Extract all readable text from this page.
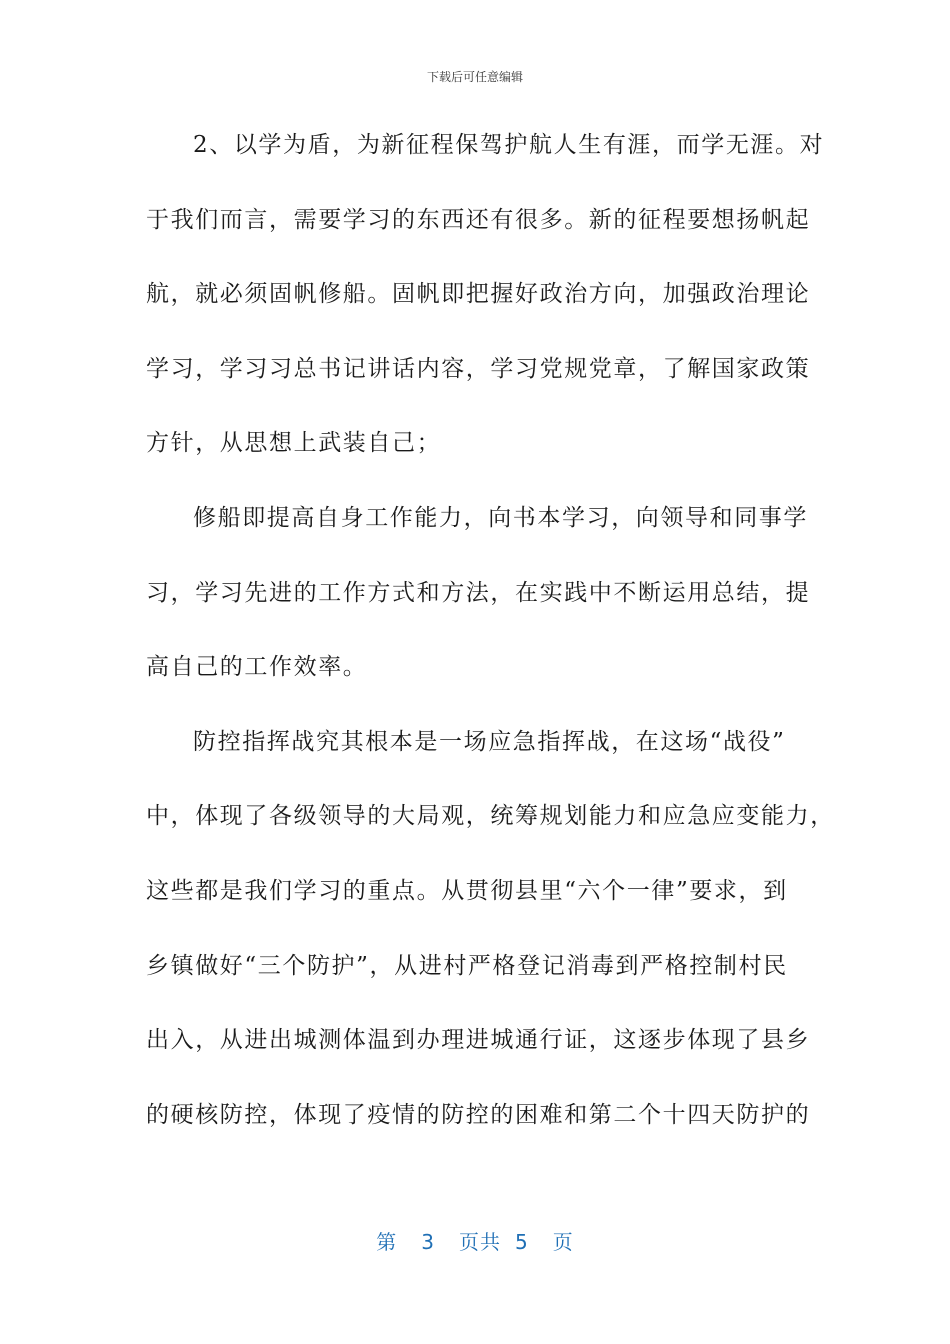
下载后可任意编辑
2、以学为盾，为新征程保驾护航人生有涯，而学无涯。对
于我们而言，需要学习的东西还有很多。新的征程要想扬帆起
航，就必须固帆修船。固帆即把握好政治方向，加强政治理论
学习，学习习总书记讲话内容，学习党规党章，了解国家政策
方针，从思想上武装自己；
修船即提高自身工作能力，向书本学习，向领导和同事学
习，学习先进的工作方式和方法，在实践中不断运用总结，提
高自己的工作效率。
防控指挥战究其根本是一场应急指挥战，在这场“战役”
中，体现了各级领导的大局观，统筹规划能力和应急应变能力，
这些都是我们学习的重点。从贯彻县里“六个一律”要求，到
乡镇做好“三个防护”，从进村严格登记消毒到严格控制村民
出入，从进出城测体温到办理进城通行证，这逐步体现了县乡
的硬核防控，体现了疫情的防控的困难和第二个十四天防护的
第 3 页共 5 页
